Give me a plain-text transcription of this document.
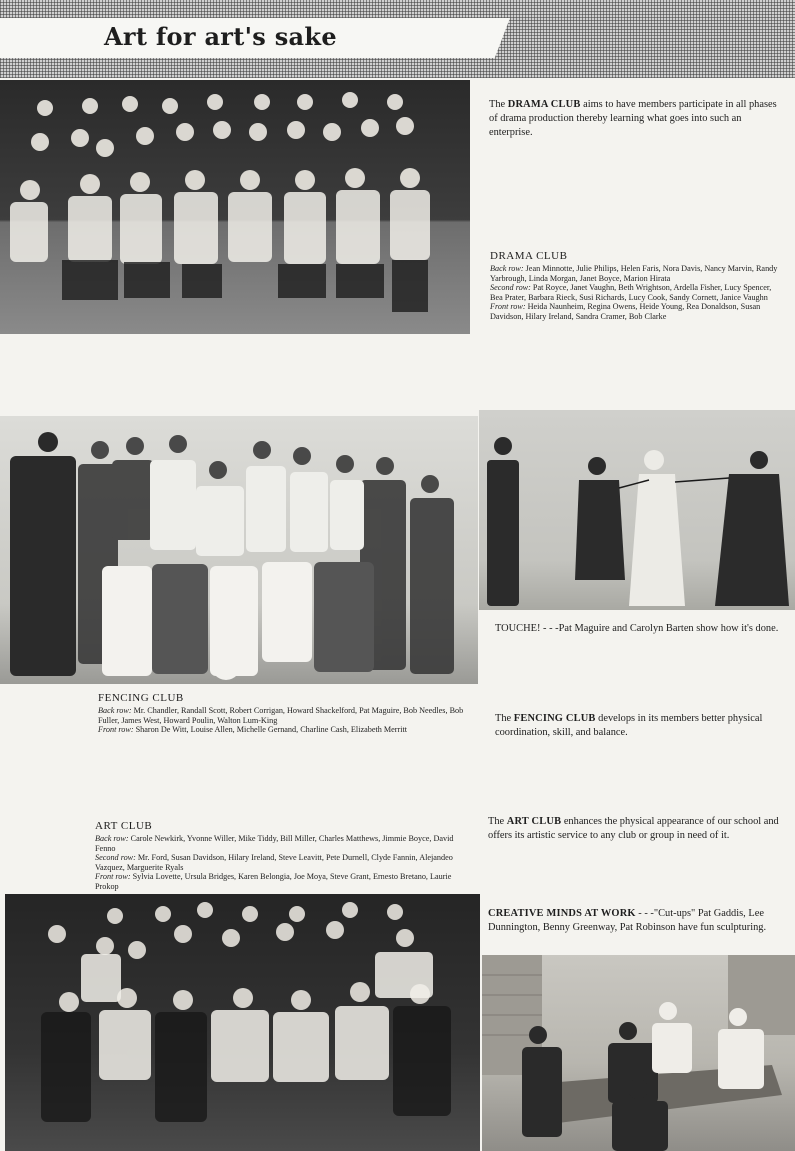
Art for art's sake
The DRAMA CLUB aims to have members participate in all phases of drama production thereby learning what goes into such an enterprise.
DRAMA CLUB
Back row: Jean Minnotte, Julie Philips, Helen Faris, Nora Davis, Nancy Marvin, Randy Yarbrough, Linda Morgan, Janet Boyce, Marion Hirata
Second row: Pat Royce, Janet Vaughn, Beth Wrightson, Ardella Fisher, Lucy Spencer, Bea Prater, Barbara Rieck, Susi Richards, Lucy Cook, Sandy Cornett, Janice Vaughn
Front row: Heida Naunheim, Regina Owens, Heide Young, Rea Donaldson, Susan Davidson, Hilary Ireland, Sandra Cramer, Bob Clarke
TOUCHE! - - -Pat Maguire and Carolyn Barten show how it's done.
FENCING CLUB
Back row: Mr. Chandler, Randall Scott, Robert Corrigan, Howard Shackelford, Pat Maguire, Bob Needles, Bob Fuller, James West, Howard Poulin, Walton Lum-King
Front row: Sharon De Witt, Louise Allen, Michelle Gernand, Charline Cash, Elizabeth Merritt
The FENCING CLUB develops in its members better physical coordination, skill, and balance.
ART CLUB
Back row: Carole Newkirk, Yvonne Willer, Mike Tiddy, Bill Miller, Charles Matthews, Jimmie Boyce, David Fenno
Second row: Mr. Ford, Susan Davidson, Hilary Ireland, Steve Leavitt, Pete Durnell, Clyde Fannin, Alejandeo Vazquez, Marguerite Ryals
Front row: Sylvia Lovette, Ursula Bridges, Karen Belongia, Joe Moya, Steve Grant, Ernesto Bretano, Laurie Prokop
The ART CLUB enhances the physical appearance of our school and offers its artistic service to any club or group in need of it.
CREATIVE MINDS AT WORK - - -"Cut-ups" Pat Gaddis, Lee Dunnington, Benny Greenway, Pat Robinson have fun sculpturing.
